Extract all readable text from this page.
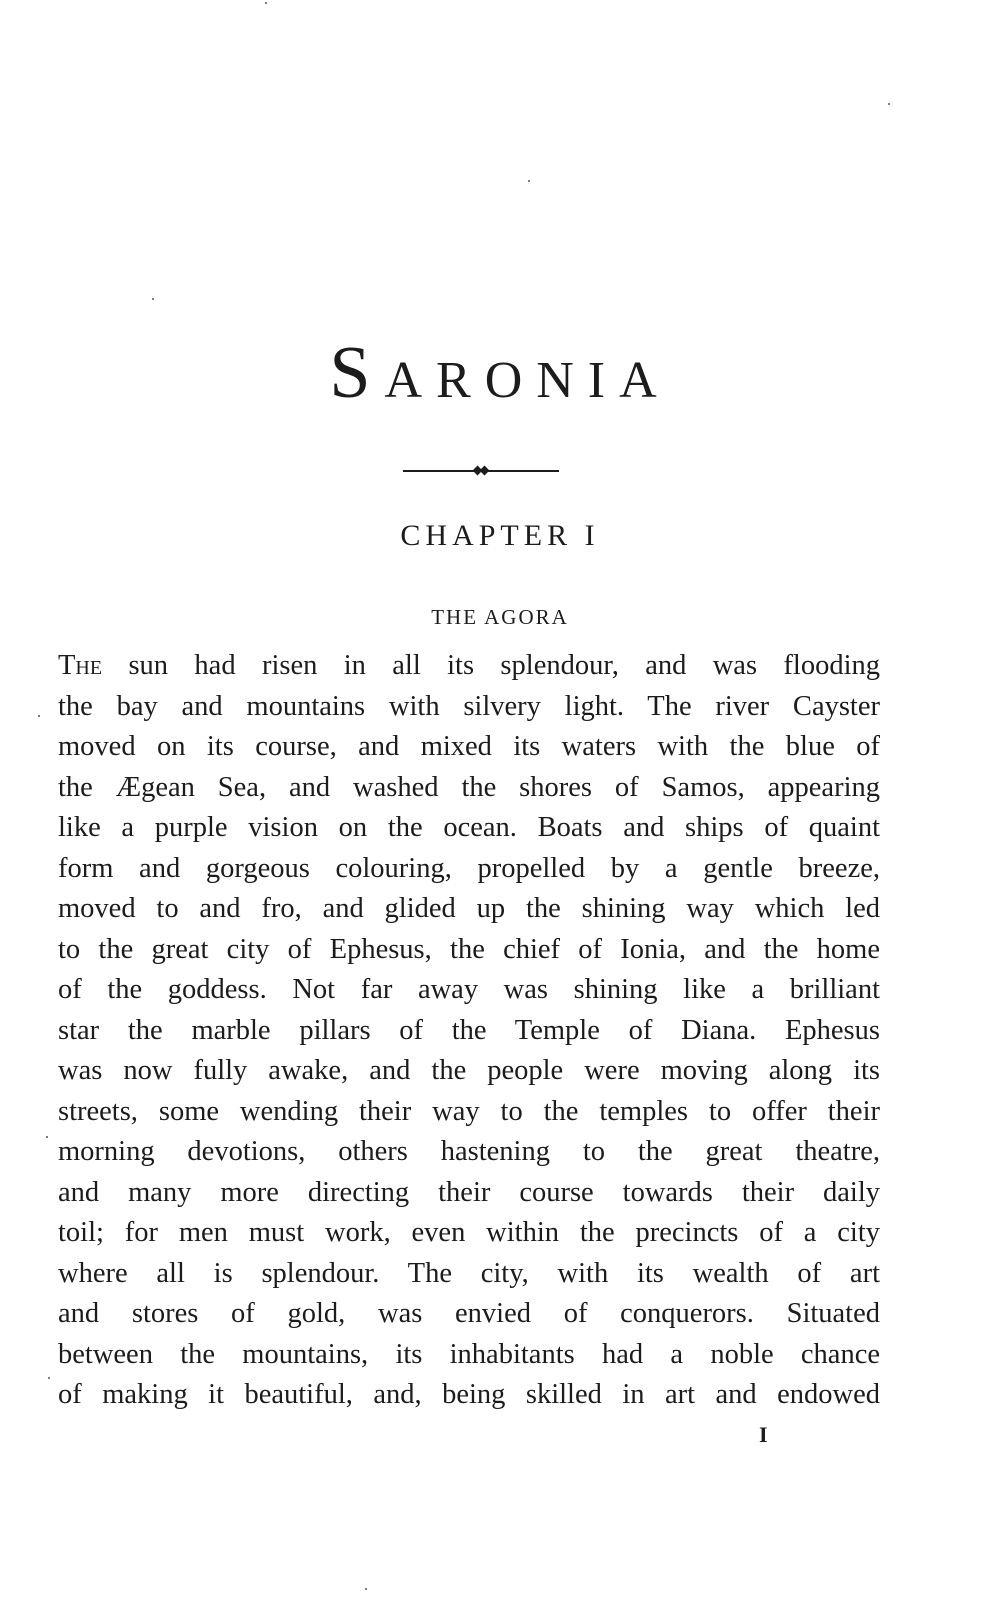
SARONIA
CHAPTER I
THE AGORA
The sun had risen in all its splendour, and was flooding
the bay and mountains with silvery light. The river Cayster
moved on its course, and mixed its waters with the blue of
the Ægean Sea, and washed the shores of Samos, appearing
like a purple vision on the ocean. Boats and ships of quaint
form and gorgeous colouring, propelled by a gentle breeze,
moved to and fro, and glided up the shining way which led
to the great city of Ephesus, the chief of Ionia, and the home
of the goddess. Not far away was shining like a brilliant
star the marble pillars of the Temple of Diana. Ephesus
was now fully awake, and the people were moving along its
streets, some wending their way to the temples to offer their
morning devotions, others hastening to the great theatre,
and many more directing their course towards their daily
toil; for men must work, even within the precincts of a city
where all is splendour. The city, with its wealth of art
and stores of gold, was envied of conquerors. Situated
between the mountains, its inhabitants had a noble chance
of making it beautiful, and, being skilled in art and endowed
I
